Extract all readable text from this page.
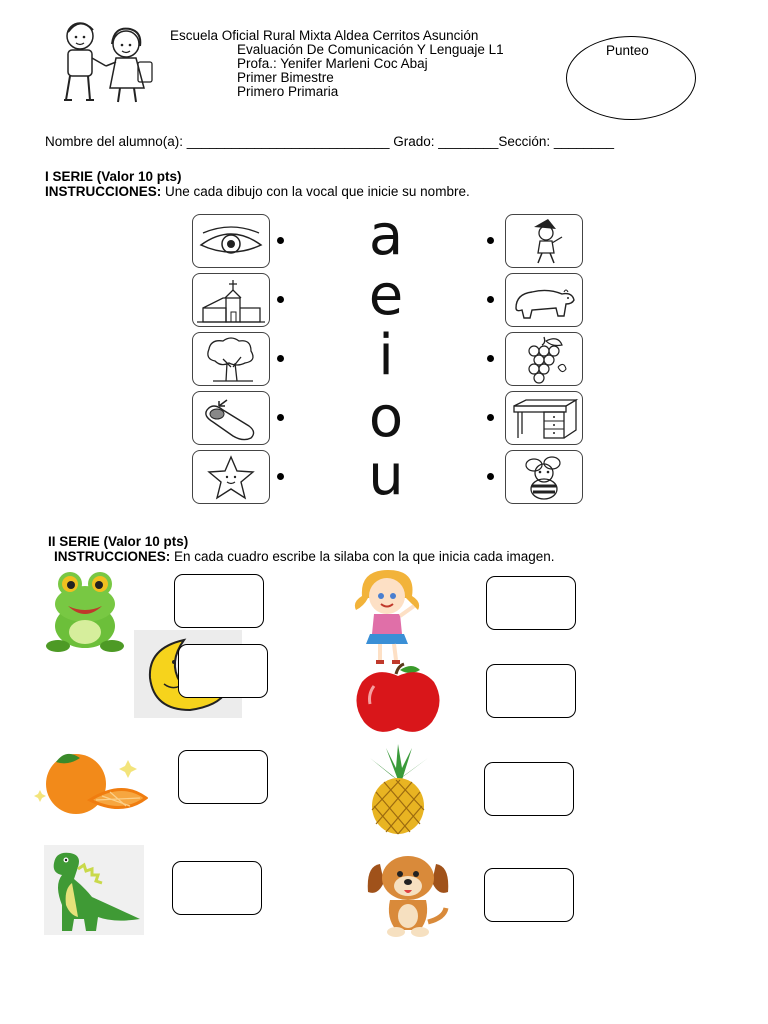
Escuela Oficial Rural Mixta Aldea Cerritos Asunción
Evaluación De Comunicación Y Lenguaje L1
Profa.: Yenifer Marleni Coc Abaj
Primer Bimestre
Primero Primaria
Punteo
Nombre del alumno(a): ___________________________ Grado: ________Sección: ________
I SERIE (Valor 10 pts)
INSTRUCCIONES: Une cada dibujo con la vocal que inicie su nombre.
a
e
i
o
u
II SERIE (Valor 10 pts)
INSTRUCCIONES: En cada cuadro escribe la silaba con la que inicia cada imagen.
